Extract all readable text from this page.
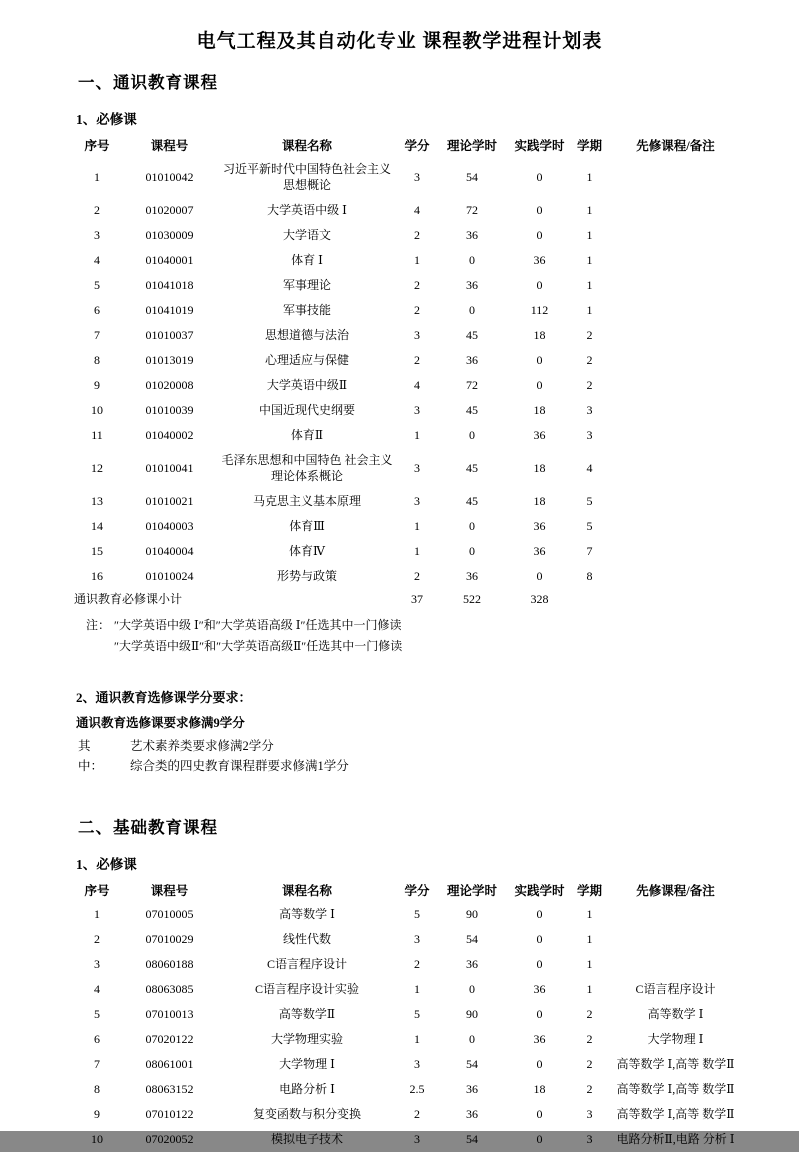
电气工程及其自动化专业 课程教学进程计划表
一、通识教育课程
1、必修课
序号	课程号	课程名称	学分	理论学时	实践学时	学期	先修课程/备注
1	01010042	习近平新时代中国特色社会主义 思想概论	3	54	0	1	
2	01020007	大学英语中级 Ⅰ	4	72	0	1	
3	01030009	大学语文	2	36	0	1	
4	01040001	体育 Ⅰ	1	0	36	1	
5	01041018	军事理论	2	36	0	1	
6	01041019	军事技能	2	0	112	1	
7	01010037	思想道德与法治	3	45	18	2	
8	01013019	心理适应与保健	2	36	0	2	
9	01020008	大学英语中级Ⅱ	4	72	0	2	
10	01010039	中国近现代史纲要	3	45	18	3	
11	01040002	体育Ⅱ	1	0	36	3	
12	01010041	毛泽东思想和中国特色 社会主义 理论体系概论	3	45	18	4	
13	01010021	马克思主义基本原理	3	45	18	5	
14	01040003	体育Ⅲ	1	0	36	5	
15	01040004	体育Ⅳ	1	0	36	7	
16	01010024	形势与政策	2	36	0	8	
通识教育必修课小计			37	522	328		
注： ″大学英语中级 Ⅰ″和″大学英语高级 Ⅰ″任选其中一门修读
″大学英语中级Ⅱ″和″大学英语高级Ⅱ″任选其中一门修读
2、通识教育选修课学分要求：
通识教育选修课要求修满9学分
其	艺术素养类要求修满2学分
中：	综合类的四史教育课程群要求修满1学分
二、基础教育课程
1、必修课
序号	课程号	课程名称	学分	理论学时	实践学时	学期	先修课程/备注
1	07010005	高等数学 Ⅰ	5	90	0	1	
2	07010029	线性代数	3	54	0	1	
3	08060188	C语言程序设计	2	36	0	1	
4	08063085	C语言程序设计实验	1	0	36	1	C语言程序设计
5	07010013	高等数学Ⅱ	5	90	0	2	高等数学 Ⅰ
6	07020122	大学物理实验	1	0	36	2	大学物理 Ⅰ
7	08061001	大学物理 Ⅰ	3	54	0	2	高等数学 Ⅰ,高等 数学Ⅱ
8	08063152	电路分析 Ⅰ	2.5	36	18	2	高等数学 Ⅰ,高等 数学Ⅱ
9	07010122	复变函数与积分变换	2	36	0	3	高等数学 Ⅰ,高等 数学Ⅱ
10	07020052	模拟电子技术	3	54	0	3	电路分析Ⅱ,电路 分析 Ⅰ
